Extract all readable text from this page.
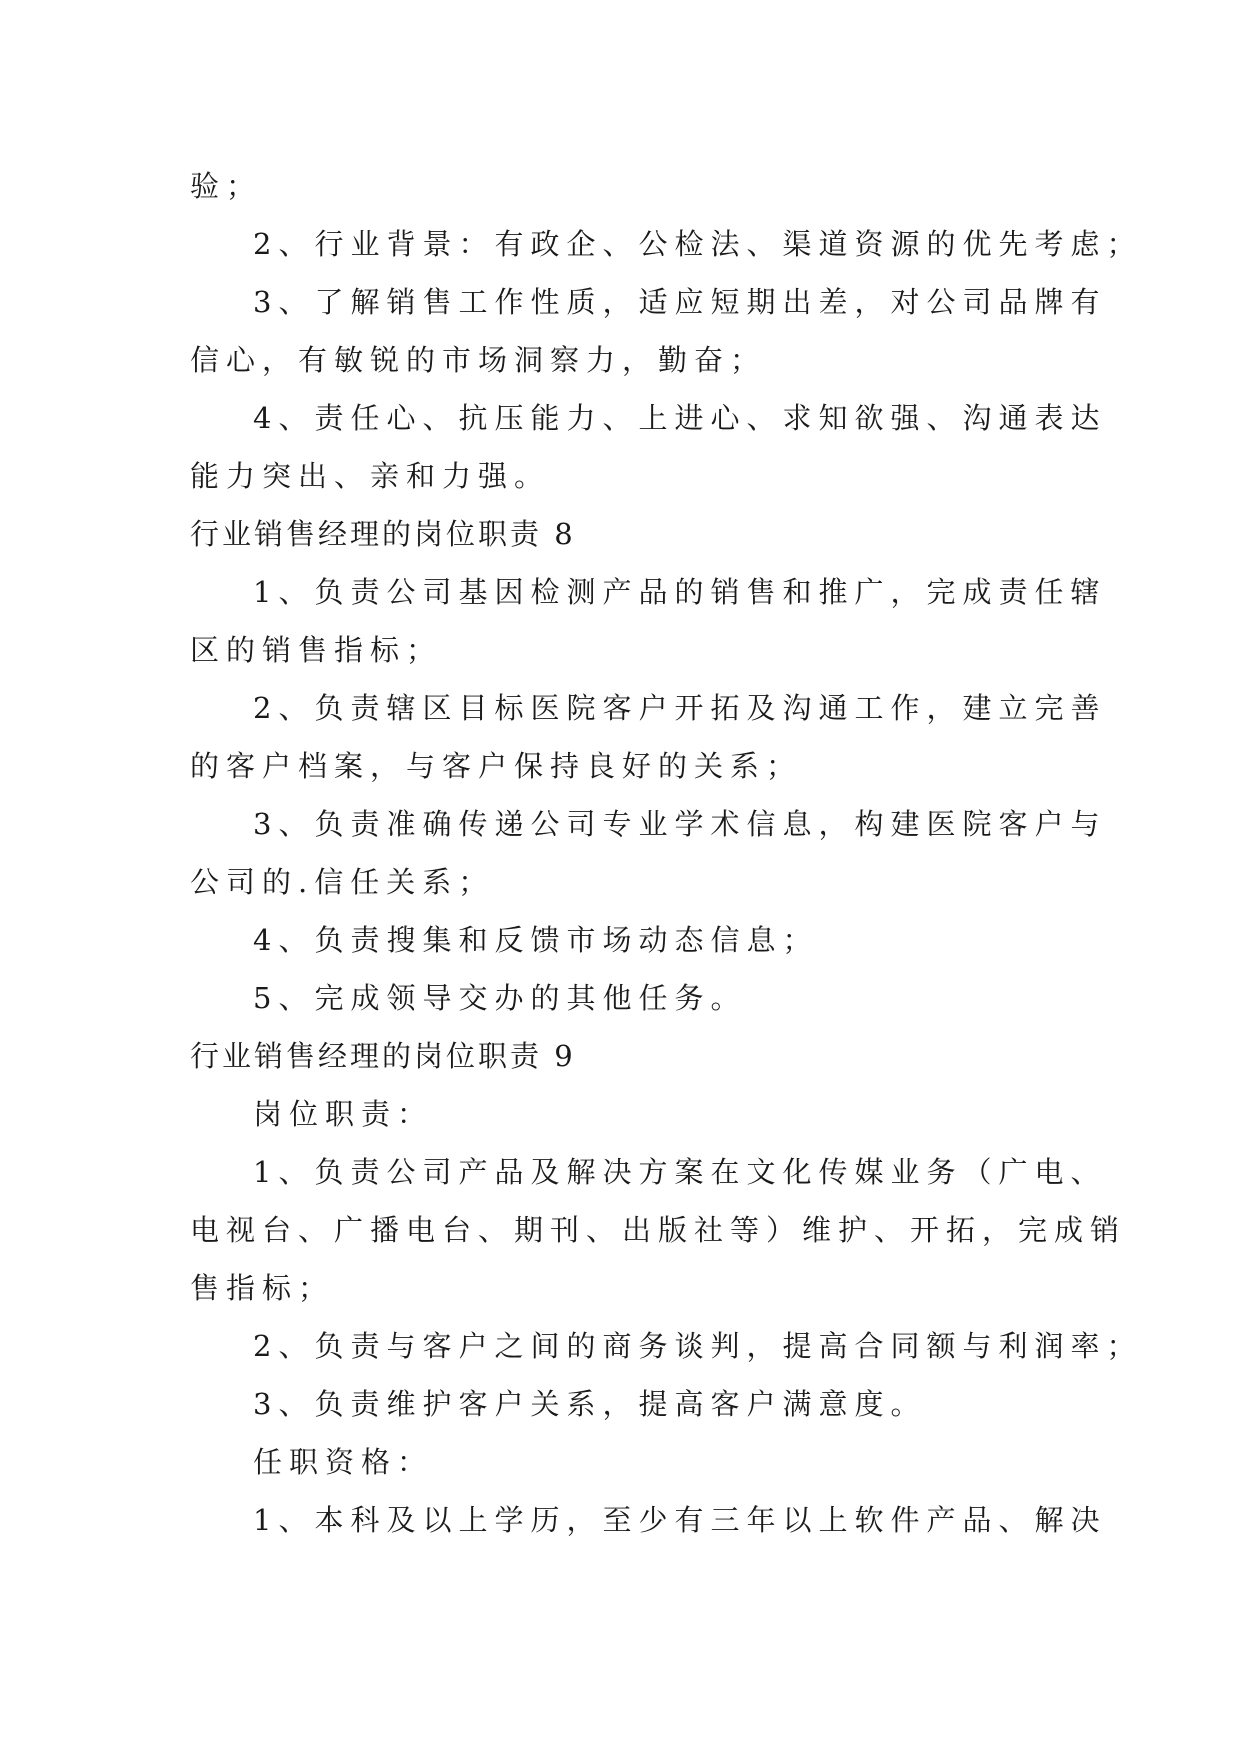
验；
2、行业背景：有政企、公检法、渠道资源的优先考虑；
3、了解销售工作性质，适应短期出差，对公司品牌有
信心，有敏锐的市场洞察力，勤奋；
4、责任心、抗压能力、上进心、求知欲强、沟通表达
能力突出、亲和力强。
行业销售经理的岗位职责 8
1、负责公司基因检测产品的销售和推广，完成责任辖
区的销售指标；
2、负责辖区目标医院客户开拓及沟通工作，建立完善
的客户档案，与客户保持良好的关系；
3、负责准确传递公司专业学术信息，构建医院客户与
公司的.信任关系；
4、负责搜集和反馈市场动态信息；
5、完成领导交办的其他任务。
行业销售经理的岗位职责 9
岗位职责：
1、负责公司产品及解决方案在文化传媒业务（广电、
电视台、广播电台、期刊、出版社等）维护、开拓，完成销
售指标；
2、负责与客户之间的商务谈判，提高合同额与利润率；
3、负责维护客户关系，提高客户满意度。
任职资格：
1、本科及以上学历，至少有三年以上软件产品、解决
